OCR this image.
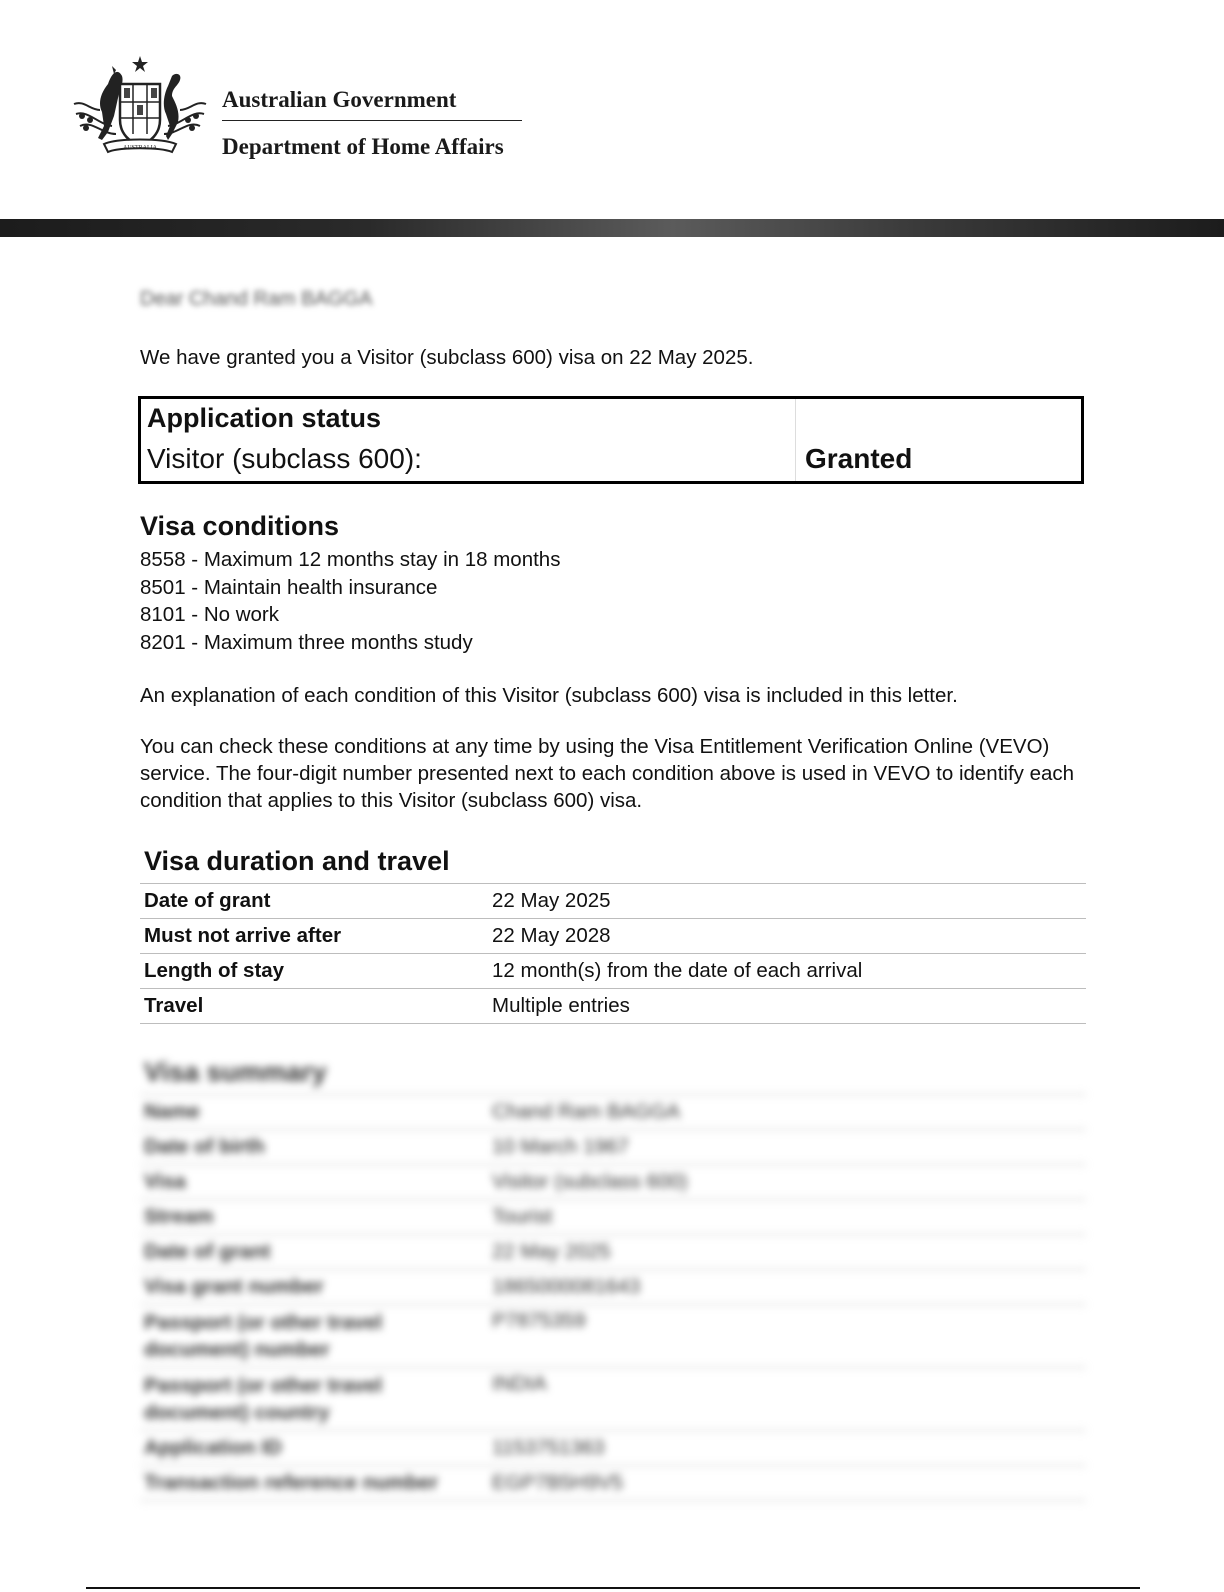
AUSTRALIA
Australian Government
Department of Home Affairs
Dear Chand Ram BAGGA

We have granted you a Visitor (subclass 600) visa on 22 May 2025.

Application status
Visitor (subclass 600):	Granted
Visa conditions
8558 - Maximum 12 months stay in 18 months
8501 - Maintain health insurance
8101 - No work
8201 - Maximum three months study

An explanation of each condition of this Visitor (subclass 600) visa is included in this letter.

You can check these conditions at any time by using the Visa Entitlement Verification Online (VEVO) service. The four-digit number presented next to each condition above is used in VEVO to identify each condition that applies to this Visitor (subclass 600) visa.

Visa duration and travel
Date of grant	22 May 2025
Must not arrive after	22 May 2028
Length of stay	12 month(s) from the date of each arrival
Travel	Multiple entries
Visa summary
Name	Chand Ram BAGGA
Date of birth	10 March 1967
Visa	Visitor (subclass 600)
Stream	Tourist
Date of grant	22 May 2025
Visa grant number	1865000081643
Passport (or other travel document) number	P7875359
Passport (or other travel document) country	INDIA
Application ID	1153751363
Transaction reference number	EGP7B5H9V5
